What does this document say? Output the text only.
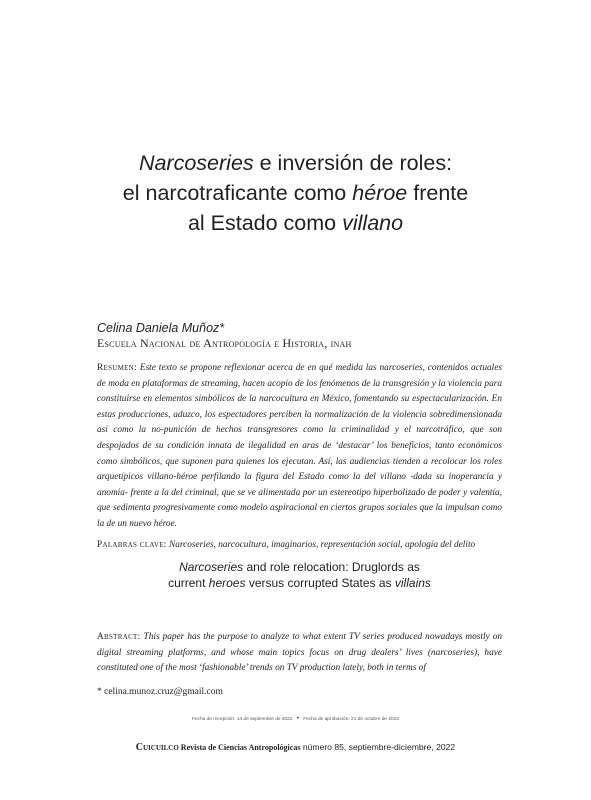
Narcoseries e inversión de roles:
el narcotraficante como héroe frente
al Estado como villano
Celina Daniela Muñoz*
Escuela Nacional de Antropología e Historia, inah
Resumen: Este texto se propone reflexionar acerca de en qué medida las narcoseries, contenidos actuales de moda en plataformas de streaming, hacen acopio de los fenómenos de la transgresión y la violencia para constituirse en elementos simbólicos de la narcocultura en México, fomentando su espectacularización. En estas producciones, aduzco, los espectadores perciben la normalización de la violencia sobredimensionada así como la no-punición de hechos transgresores como la criminalidad y el narcotráfico, que son despojados de su condición innata de ilegalidad en aras de ‘destacar’ los beneficios, tanto económicos como simbólicos, que suponen para quienes los ejecutan. Así, las audiencias tienden a recolocar los roles arquetípicos villano-héroe perfilando la figura del Estado como la del villano -dada su inoperancia y anomia- frente a la del criminal, que se ve alimentada por un estereotipo hiperbolizado de poder y valentía, que sedimenta progresivamente como modelo aspiracional en ciertos grupos sociales que la impulsan como la de un nuevo héroe.
Palabras clave: Narcoseries, narcocultura, imaginarios, representación social, apología del delito
Narcoseries and role relocation: Druglords as
current heroes versus corrupted States as villains
Abstract: This paper has the purpose to analyze to what extent TV series produced nowadays mostly on digital streaming platforms, and whose main topics focus on drug dealers’ lives (narcoseries), have constituted one of the most ‘fashionable’ trends on TV production lately, both in terms of
* celina.munoz.cruz@gmail.com
Fecha de recepción: 14 de septiembre de 2022 • Fecha de aprobación: 21 de octubre de 2022
Cuicuilco Revista de Ciencias Antropológicas número 85, septiembre-diciembre, 2022
